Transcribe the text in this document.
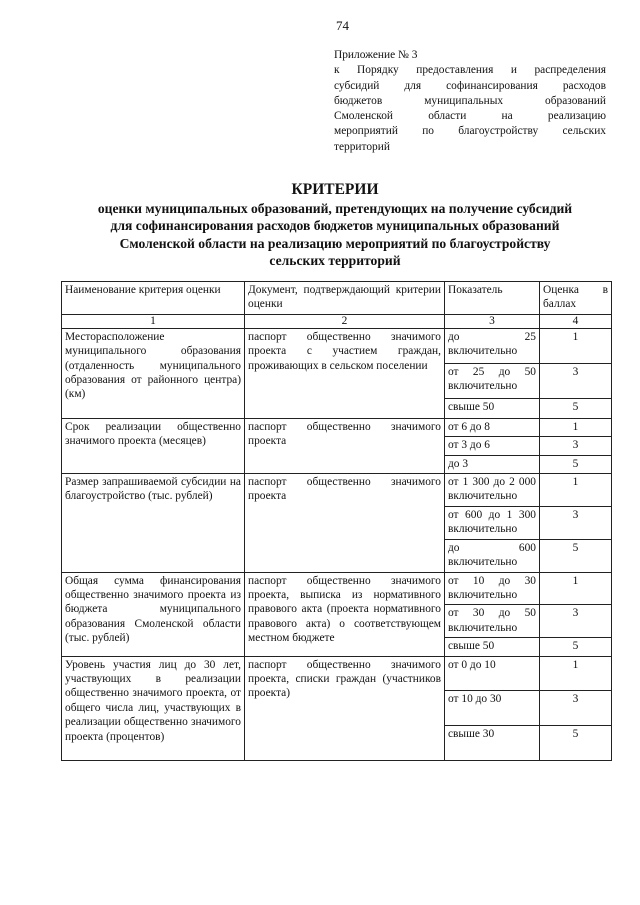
74
Приложение № 3
к Порядку предоставления и распределения
субсидий для софинансирования расходов
бюджетов муниципальных образований
Смоленской области на реализацию
мероприятий по благоустройству сельских
территорий
КРИТЕРИИ
оценки муниципальных образований, претендующих на получение субсидий
для софинансирования расходов бюджетов муниципальных образований
Смоленской области на реализацию мероприятий по благоустройству
сельских территорий
Наименование критерия оценки	Документ, подтверждающий критерии оценки	Показатель	Оценка в баллах
1	2	3	4

Месторасположение муниципального образования (отдаленность муниципального образования от районного центра) (км)	паспорт общественно значимого проекта с участием граждан, проживающих в сельском поселении	до 25 включительно	1
		от 25 до 50 включительно	3
		свыше 50	5
Срок реализации общественно значимого проекта (месяцев)	паспорт общественно значимого проекта	от 6 до 8	1
		от 3 до 6	3
		до 3	5
Размер запрашиваемой субсидии на благоустройство (тыс. рублей)	паспорт общественно значимого проекта	от 1 300 до 2 000 включительно	1
		от 600 до 1 300 включительно	3
		до 600 включительно	5
Общая сумма финансирования общественно значимого проекта из бюджета муниципального образования Смоленской области (тыс. рублей)	паспорт общественно значимого проекта, выписка из нормативного правового акта (проекта нормативного правового акта) о соответствующем местном бюджете	от 10 до 30 включительно	1
		от 30 до 50 включительно	3
		свыше 50	5

Уровень участия лиц до 30 лет, участвующих в реализации общественно значимого проекта, от общего числа лиц, участвующих в реализации общественно значимого проекта (процентов)	паспорт общественно значимого проекта, списки граждан (участников проекта)	от 0 до 10	1
		от 10 до 30	3
		свыше 30	5
